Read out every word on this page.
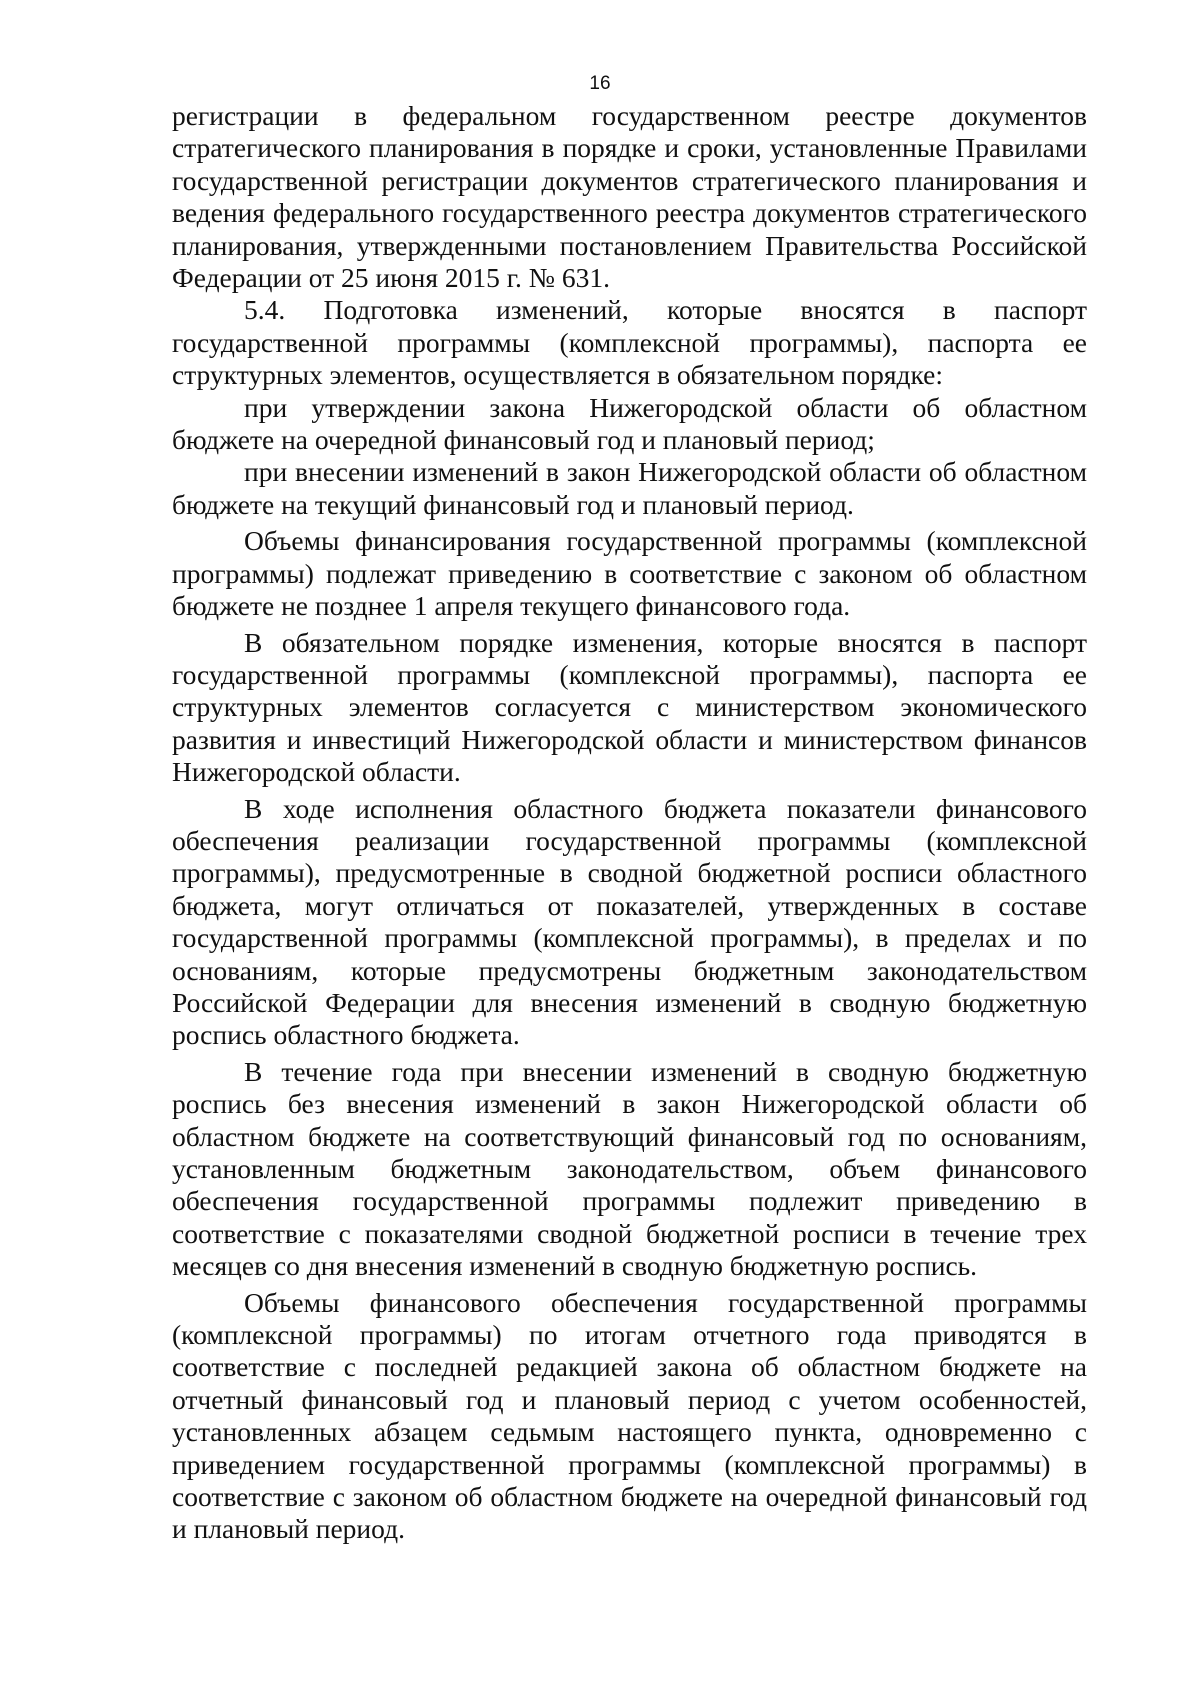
16

регистрации в федеральном государственном реестре документов стратегического планирования в порядке и сроки, установленные Правилами государственной регистрации документов стратегического планирования и ведения федерального государственного реестра документов стратегического планирования, утвержденными постановлением Правительства Российской Федерации от 25 июня 2015 г. № 631.

5.4. Подготовка изменений, которые вносятся в паспорт государственной программы (комплексной программы), паспорта ее структурных элементов, осуществляется в обязательном порядке:

при утверждении закона Нижегородской области об областном бюджете на очередной финансовый год и плановый период;

при внесении изменений в закон Нижегородской области об областном бюджете на текущий финансовый год и плановый период.

Объемы финансирования государственной программы (комплексной программы) подлежат приведению в соответствие с законом об областном бюджете не позднее 1 апреля текущего финансового года.

В обязательном порядке изменения, которые вносятся в паспорт государственной программы (комплексной программы), паспорта ее структурных элементов согласуется с министерством экономического развития и инвестиций Нижегородской области и министерством финансов Нижегородской области.

В ходе исполнения областного бюджета показатели финансового обеспечения реализации государственной программы (комплексной программы), предусмотренные в сводной бюджетной росписи областного бюджета, могут отличаться от показателей, утвержденных в составе государственной программы (комплексной программы), в пределах и по основаниям, которые предусмотрены бюджетным законодательством Российской Федерации для внесения изменений в сводную бюджетную роспись областного бюджета.

В течение года при внесении изменений в сводную бюджетную роспись без внесения изменений в закон Нижегородской области об областном бюджете на соответствующий финансовый год по основаниям, установленным бюджетным законодательством, объем финансового обеспечения государственной программы подлежит приведению в соответствие с показателями сводной бюджетной росписи в течение трех месяцев со дня внесения изменений в сводную бюджетную роспись.

Объемы финансового обеспечения государственной программы (комплексной программы) по итогам отчетного года приводятся в соответствие с последней редакцией закона об областном бюджете на отчетный финансовый год и плановый период с учетом особенностей, установленных абзацем седьмым настоящего пункта, одновременно с приведением государственной программы (комплексной программы) в соответствие с законом об областном бюджете на очередной финансовый год и плановый период.
